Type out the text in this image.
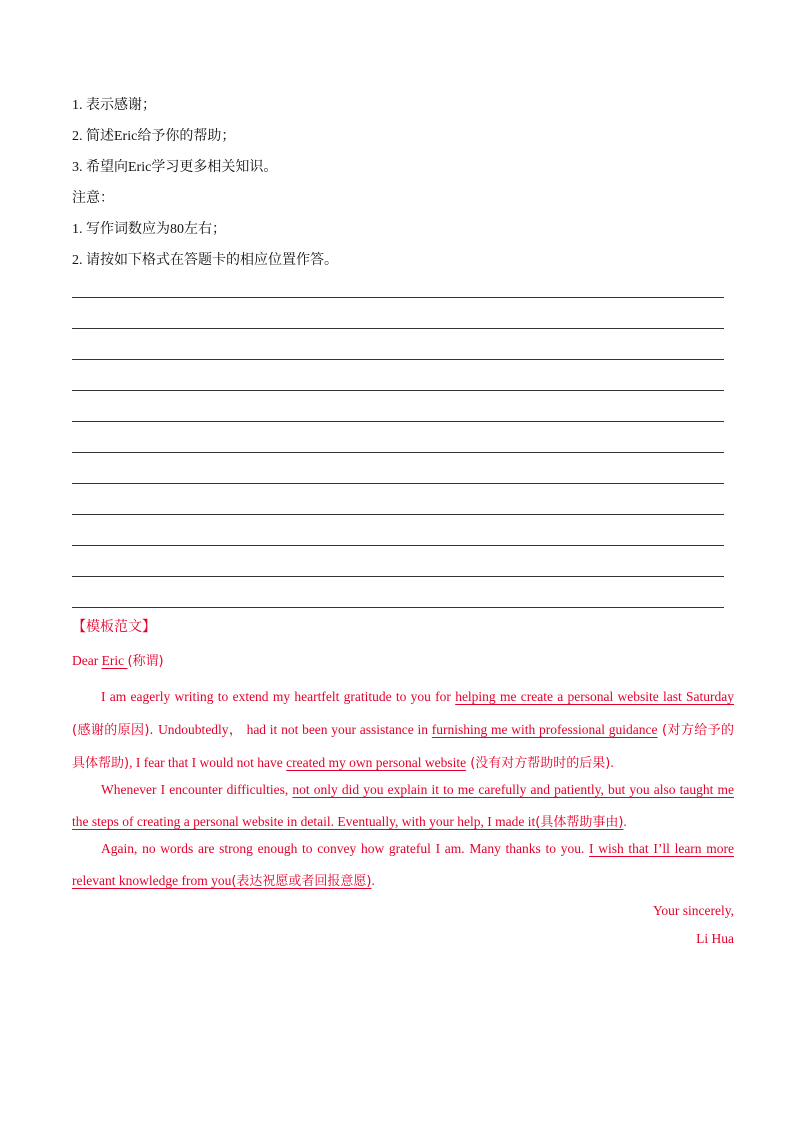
1. 表示感谢；
2. 简述Eric给予你的帮助；
3. 希望向Eric学习更多相关知识。
注意：
1. 写作词数应为80左右；
2. 请按如下格式在答题卡的相应位置作答。
【模板范文】
Dear Eric (称谓)

I am eagerly writing to extend my heartfelt gratitude to you for helping me create a personal website last Saturday (感谢的原因). Undoubtedly， had it not been your assistance in furnishing me with professional guidance (对方给予的具体帮助), I fear that I would not have created my own personal website (没有对方帮助时的后果).

Whenever I encounter difficulties, not only did you explain it to me carefully and patiently, but you also taught me the steps of creating a personal website in detail. Eventually, with your help, I made it(具体帮助事由).

Again, no words are strong enough to convey how grateful I am. Many thanks to you. I wish that I’ll learn more relevant knowledge from you(表达祝愿或者回报意愿).

Your sincerely,
Li Hua
